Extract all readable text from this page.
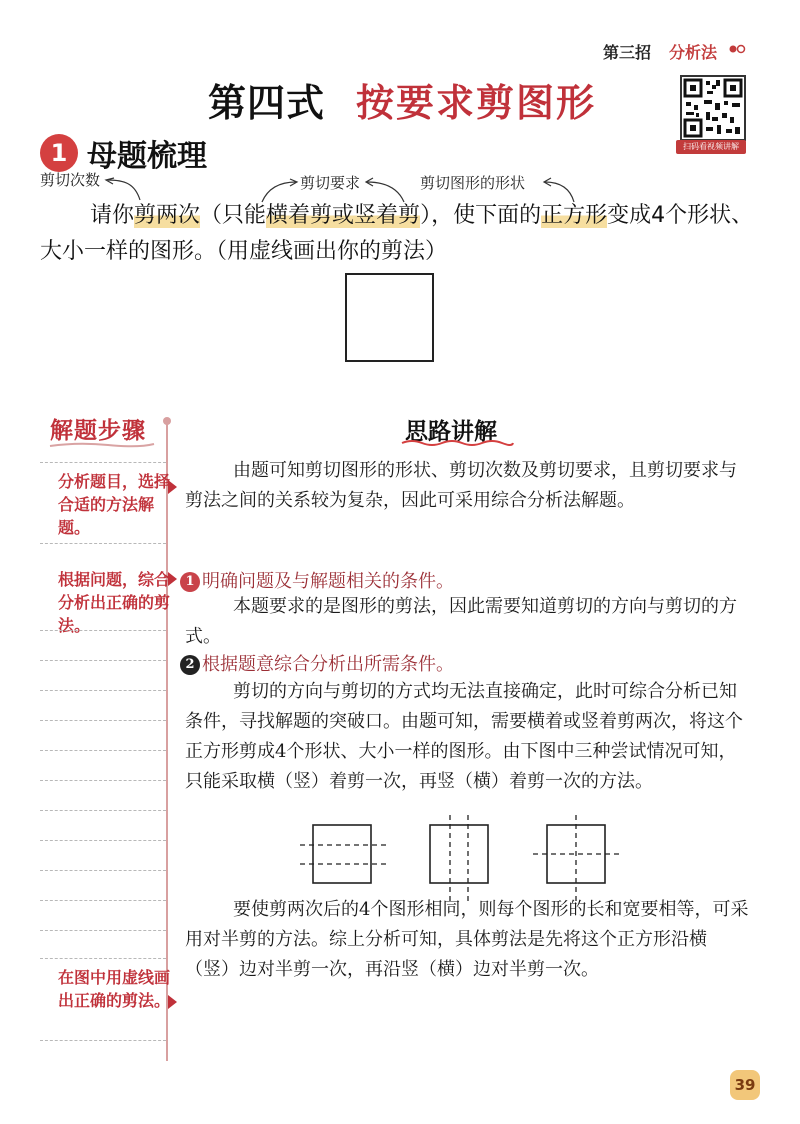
第三招 分析法
第四式 按要求剪图形
扫码看视频讲解
1 母题梳理
剪切次数	剪切要求	剪切图形的形状
请你剪两次（只能横着剪或竖着剪），使下面的正方形变成4个形状、大小一样的图形。（用虚线画出你的剪法）
解题步骤
分析题目，选择合适的方法解题。
根据问题，综合分析出正确的剪法。
在图中用虚线画出正确的剪法。
思路讲解
由题可知剪切图形的形状、剪切次数及剪切要求，且剪切要求与剪法之间的关系较为复杂，因此可采用综合分析法解题。
1 明确问题及与解题相关的条件。
本题要求的是图形的剪法，因此需要知道剪切的方向与剪切的方式。
2 根据题意综合分析出所需条件。
剪切的方向与剪切的方式均无法直接确定，此时可综合分析已知条件，寻找解题的突破口。由题可知，需要横着或竖着剪两次，将这个正方形剪成4个形状、大小一样的图形。由下图中三种尝试情况可知，只能采取横（竖）着剪一次，再竖（横）着剪一次的方法。
要使剪两次后的4个图形相同，则每个图形的长和宽要相等，可采用对半剪的方法。综上分析可知，具体剪法是先将这个正方形沿横（竖）边对半剪一次，再沿竖（横）边对半剪一次。
39
